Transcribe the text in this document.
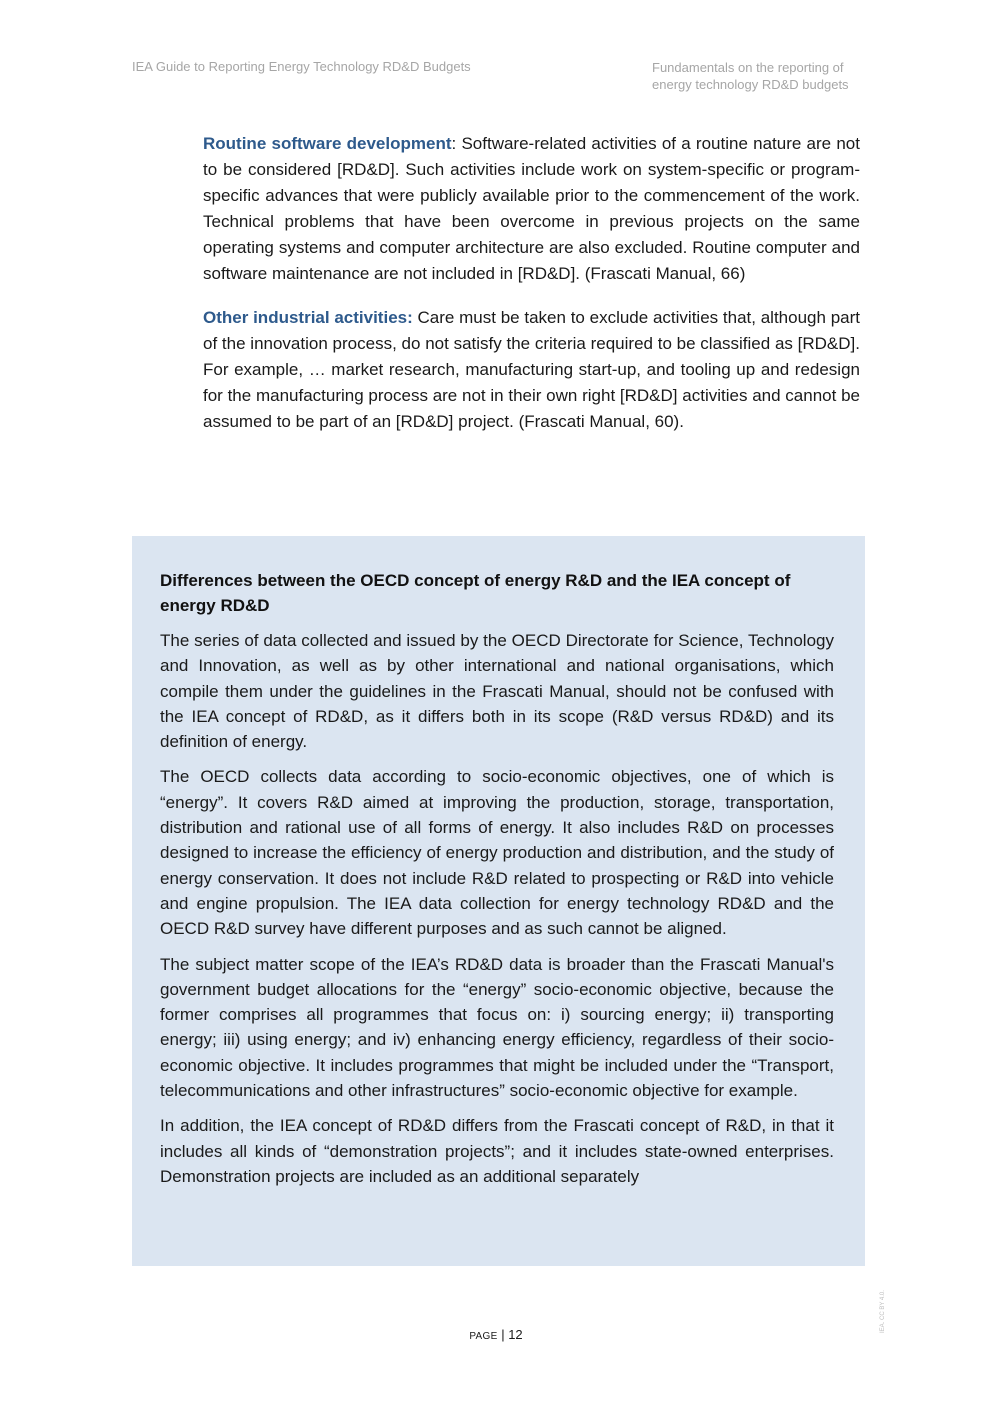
IEA Guide to Reporting Energy Technology RD&D Budgets	Fundamentals on the reporting of
energy technology RD&D budgets

Routine software development: Software-related activities of a routine nature are not to be considered [RD&D]. Such activities include work on system-specific or program-specific advances that were publicly available prior to the commencement of the work. Technical problems that have been overcome in previous projects on the same operating systems and computer architecture are also excluded. Routine computer and software maintenance are not included in [RD&D]. (Frascati Manual, 66)

Other industrial activities: Care must be taken to exclude activities that, although part of the innovation process, do not satisfy the criteria required to be classified as [RD&D]. For example, … market research, manufacturing start-up, and tooling up and redesign for the manufacturing process are not in their own right [RD&D] activities and cannot be assumed to be part of an [RD&D] project. (Frascati Manual, 60).

Differences between the OECD concept of energy R&D and the IEA concept of energy RD&D

The series of data collected and issued by the OECD Directorate for Science, Technology and Innovation, as well as by other international and national organisations, which compile them under the guidelines in the Frascati Manual, should not be confused with the IEA concept of RD&D, as it differs both in its scope (R&D versus RD&D) and its definition of energy.

The OECD collects data according to socio-economic objectives, one of which is “energy”. It covers R&D aimed at improving the production, storage, transportation, distribution and rational use of all forms of energy. It also includes R&D on processes designed to increase the efficiency of energy production and distribution, and the study of energy conservation. It does not include R&D related to prospecting or R&D into vehicle and engine propulsion. The IEA data collection for energy technology RD&D and the OECD R&D survey have different purposes and as such cannot be aligned.

The subject matter scope of the IEA’s RD&D data is broader than the Frascati Manual's government budget allocations for the “energy” socio-economic objective, because the former comprises all programmes that focus on: i) sourcing energy; ii) transporting energy; iii) using energy; and iv) enhancing energy efficiency, regardless of their socio-economic objective. It includes programmes that might be included under the “Transport, telecommunications and other infrastructures” socio-economic objective for example.

In addition, the IEA concept of RD&D differs from the Frascati concept of R&D, in that it includes all kinds of “demonstration projects”; and it includes state-owned enterprises. Demonstration projects are included as an additional separately

PAGE | 12
IEA. CC BY 4.0.
